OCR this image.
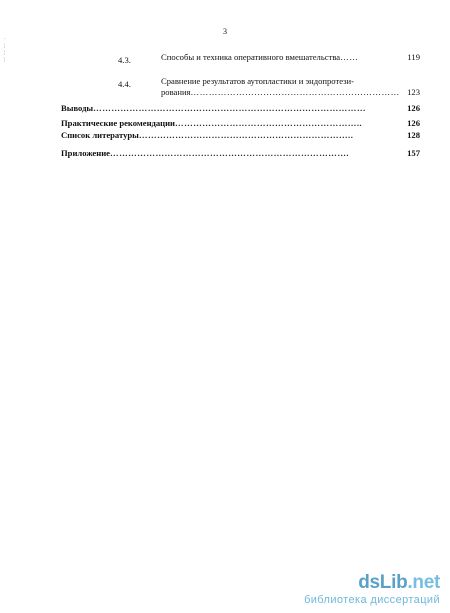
3
·
¦
¦
¦	4.3.	Способы и техника оперативного вмешательства……	119
4.4.	Сравнение результатов аутопластики и эндопротези-
рования…………………………………………………………… 123
Выводы………………………………………………………………………………	126
Практические рекомендации……………………………………………………..	126
Список литературы……………………………………………………………..	128
Приложение…………………………………………………………………….	157
dsLib.net
библиотека диссертаций
